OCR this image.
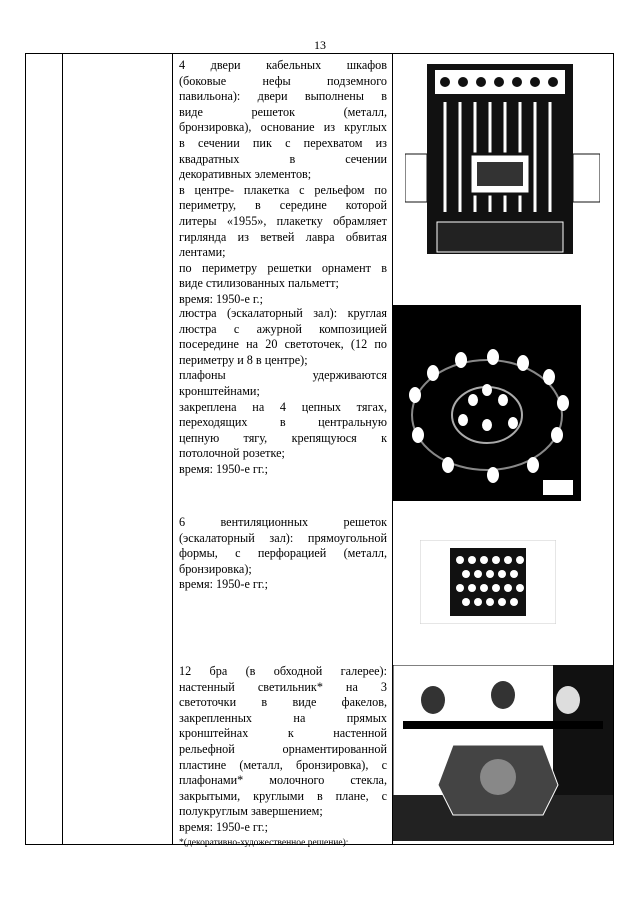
13
4 двери кабельных шкафов
(боковые нефы подземного
павильона): двери выполнены в
виде решеток (металл,
бронзировка), основание из круглых
в сечении пик с перехватом из
квадратных в сечении
декоративных элементов;
в центре- плакетка с рельефом по
периметру, в середине которой
литеры «1955», плакетку обрамляет
гирлянда из ветвей лавра обвитая
лентами;
по периметру решетки орнамент в
виде стилизованных пальметт;
время: 1950-е г.;
люстра (эскалаторный зал): круглая
люстра с ажурной композицией
посередине на 20 светоточек, (12 по
периметру и 8 в центре);
плафоны удерживаются
кронштейнами;
закреплена на 4 цепных тягах,
переходящих в центральную
цепную тягу, крепящуюся к
потолочной розетке;
время: 1950-е гг.;
6 вентиляционных решеток
(эскалаторный зал): прямоугольной
формы, с перфорацией (металл,
бронзировка);
время: 1950-е гг.;
12 бра (в обходной галерее):
настенный светильник* на 3
светоточки в виде факелов,
закрепленных на прямых
кронштейнах к настенной
рельефной орнаментированной
пластине (металл, бронзировка), с
плафонами* молочного стекла,
закрытыми, круглыми в плане, с
полукруглым завершением;
время: 1950-е гг.;
*(декоративно-художественное решение):
